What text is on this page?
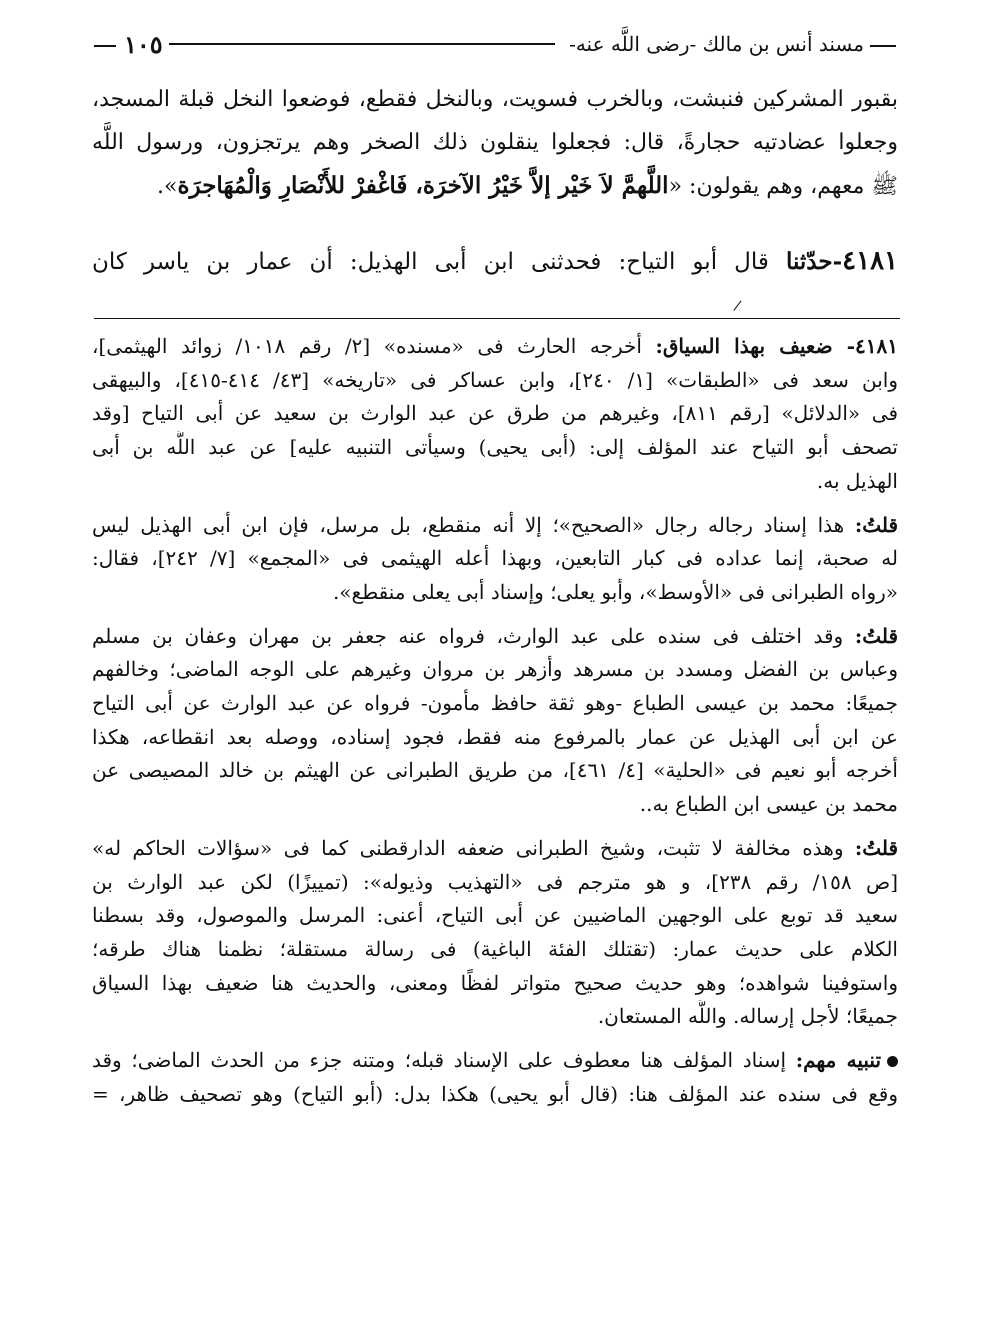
مسند أنس بن مالك -رضى اللَّه عنه-
١٠٥
بقبور المشركين فنبشت، وبالخرب فسويت، وبالنخل فقطع، فوضعوا النخل قبلة المسجد،
وجعلوا عضادتيه حجارةً، قال: فجعلوا ينقلون ذلك الصخر وهم يرتجزون، ورسول اللَّه
ﷺ معهم، وهم يقولون: «اللَّهمَّ لاَ خَيْر إلاَّ خَيْرُ الآخرَة، فَاغْفرْ للأَنْصَارِ وَالْمُهَاجرَة».
٤١٨١-حدّثنا قال أبو التياح: فحدثنى ابن أبى الهذيل: أن عمار بن ياسر كان
/
٤١٨١- ضعيف بهذا السياق: أخرجه الحارث فى «مسنده» [٢/ رقم ١٠١٨/ زوائد الهيثمى]،
وابن سعد فى «الطبقات» [١/ ٢٤٠]، وابن عساكر فى «تاريخه» [٤٣/ ٤١٤-٤١٥]، والبيهقى
فى «الدلائل» [رقم ٨١١]، وغيرهم من طرق عن عبد الوارث بن سعيد عن أبى التياح [وقد
تصحف أبو التياح عند المؤلف إلى: (أبى يحيى) وسيأتى التنبيه عليه] عن عبد اللَّه بن أبى
الهذيل به.
قلتُ: هذا إسناد رجاله رجال «الصحيح»؛ إلا أنه منقطع، بل مرسل، فإن ابن أبى الهذيل ليس
له صحبة، إنما عداده فى كبار التابعين، وبهذا أعله الهيثمى فى «المجمع» [٧/ ٢٤٢]، فقال:
«رواه الطبرانى فى «الأوسط»، وأبو يعلى؛ وإسناد أبى يعلى منقطع».
قلتُ: وقد اختلف فى سنده على عبد الوارث، فرواه عنه جعفر بن مهران وعفان بن مسلم
وعباس بن الفضل ومسدد بن مسرهد وأزهر بن مروان وغيرهم على الوجه الماضى؛ وخالفهم
جميعًا: محمد بن عيسى الطباع -وهو ثقة حافظ مأمون- فرواه عن عبد الوارث عن أبى التياح
عن ابن أبى الهذيل عن عمار بالمرفوع منه فقط، فجود إسناده، ووصله بعد انقطاعه، هكذا
أخرجه أبو نعيم فى «الحلية» [٤/ ٤٦١]، من طريق الطبرانى عن الهيثم بن خالد المصيصى عن
محمد بن عيسى ابن الطباع به..
قلتُ: وهذه مخالفة لا تثبت، وشيخ الطبرانى ضعفه الدارقطنى كما فى «سؤالات الحاكم له»
[ص ١٥٨/ رقم ٢٣٨]، و هو مترجم فى «التهذيب وذيوله»: (تمييزًا) لكن عبد الوارث بن
سعيد قد توبع على الوجهين الماضيين عن أبى التياح، أعنى: المرسل والموصول، وقد بسطنا
الكلام على حديث عمار: (تقتلك الفئة الباغية) فى رسالة مستقلة؛ نظمنا هناك طرقه؛
واستوفينا شواهده؛ وهو حديث صحيح متواتر لفظًا ومعنى، والحديث هنا ضعيف بهذا السياق
جميعًا؛ لأجل إرساله. واللَّه المستعان.
تنبيه مهم: إسناد المؤلف هنا معطوف على الإسناد قبله؛ ومتنه جزء من الحدث الماضى؛ وقد
وقع فى سنده عند المؤلف هنا: (قال أبو يحيى) هكذا بدل: (أبو التياح) وهو تصحيف ظاهر، =
